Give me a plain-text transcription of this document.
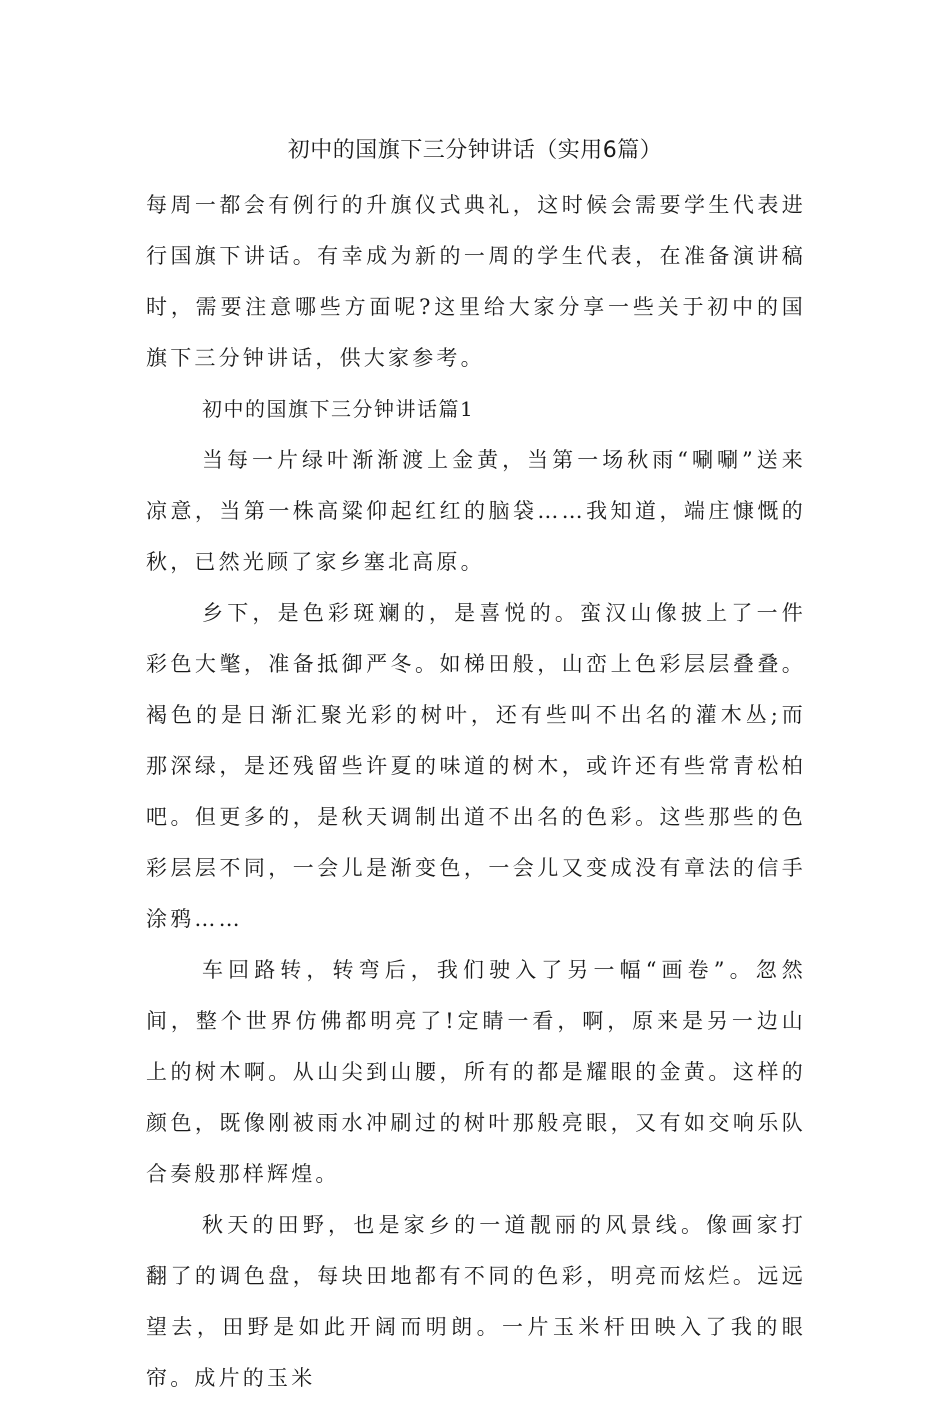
初中的国旗下三分钟讲话（实用6篇）

每周一都会有例行的升旗仪式典礼，这时候会需要学生代表进行国旗下讲话。有幸成为新的一周的学生代表，在准备演讲稿时，需要注意哪些方面呢?这里给大家分享一些关于初中的国旗下三分钟讲话，供大家参考。

初中的国旗下三分钟讲话篇1

当每一片绿叶渐渐渡上金黄，当第一场秋雨“唰唰”送来凉意，当第一株高粱仰起红红的脑袋……我知道，端庄慷慨的秋，已然光顾了家乡塞北高原。

乡下，是色彩斑斓的，是喜悦的。蛮汉山像披上了一件彩色大氅，准备抵御严冬。如梯田般，山峦上色彩层层叠叠。褐色的是日渐汇聚光彩的树叶，还有些叫不出名的灌木丛;而那深绿，是还残留些许夏的味道的树木，或许还有些常青松柏吧。但更多的，是秋天调制出道不出名的色彩。这些那些的色彩层层不同，一会儿是渐变色，一会儿又变成没有章法的信手涂鸦……

车回路转，转弯后，我们驶入了另一幅“画卷”。忽然间，整个世界仿佛都明亮了!定睛一看，啊，原来是另一边山上的树木啊。从山尖到山腰，所有的都是耀眼的金黄。这样的颜色，既像刚被雨水冲刷过的树叶那般亮眼，又有如交响乐队合奏般那样辉煌。

秋天的田野，也是家乡的一道靓丽的风景线。像画家打翻了的调色盘，每块田地都有不同的色彩，明亮而炫烂。远远望去，田野是如此开阔而明朗。一片玉米杆田映入了我的眼帘。成片的玉米
